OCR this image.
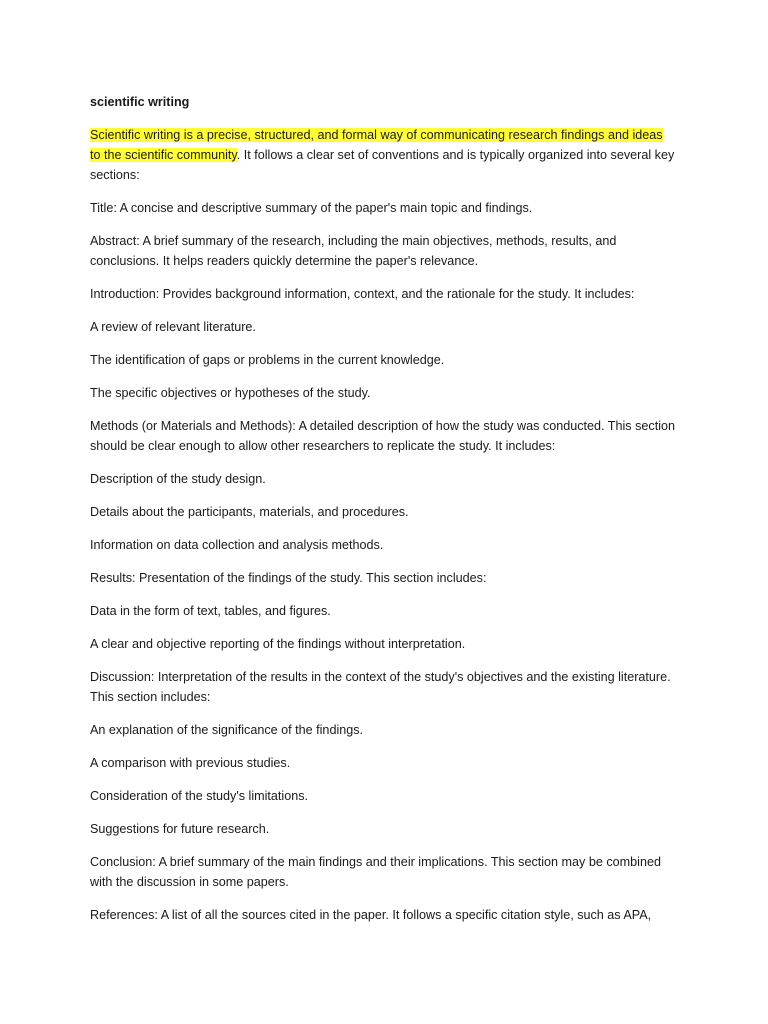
scientific writing
Scientific writing is a precise, structured, and formal way of communicating research findings and ideas to the scientific community. It follows a clear set of conventions and is typically organized into several key sections:
Title: A concise and descriptive summary of the paper's main topic and findings.
Abstract: A brief summary of the research, including the main objectives, methods, results, and conclusions. It helps readers quickly determine the paper's relevance.
Introduction: Provides background information, context, and the rationale for the study. It includes:
A review of relevant literature.
The identification of gaps or problems in the current knowledge.
The specific objectives or hypotheses of the study.
Methods (or Materials and Methods): A detailed description of how the study was conducted. This section should be clear enough to allow other researchers to replicate the study. It includes:
Description of the study design.
Details about the participants, materials, and procedures.
Information on data collection and analysis methods.
Results: Presentation of the findings of the study. This section includes:
Data in the form of text, tables, and figures.
A clear and objective reporting of the findings without interpretation.
Discussion: Interpretation of the results in the context of the study's objectives and the existing literature. This section includes:
An explanation of the significance of the findings.
A comparison with previous studies.
Consideration of the study's limitations.
Suggestions for future research.
Conclusion: A brief summary of the main findings and their implications. This section may be combined with the discussion in some papers.
References: A list of all the sources cited in the paper. It follows a specific citation style, such as APA,
